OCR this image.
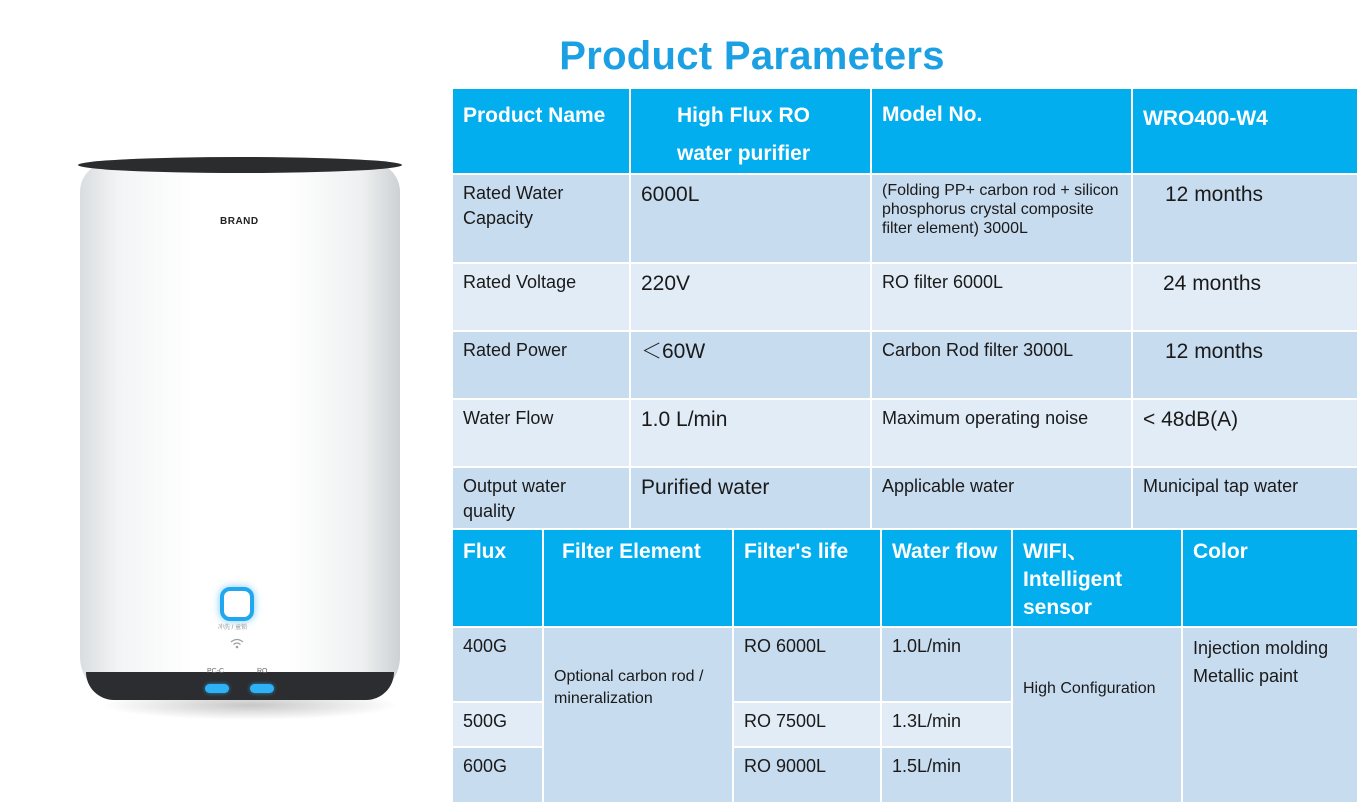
Product Parameters
BRAND
冲洗 / 童锁
PC-C	RO
Product Name	High Flux RO water purifier	Model No.	WRO400-W4
Rated Water Capacity	6000L	(Folding PP+ carbon rod + silicon phosphorus crystal composite filter element) 3000L	12 months
Rated Voltage	220V	RO filter 6000L	24 months
Rated Power	＜60W	Carbon Rod filter 3000L	12 months
Water Flow	1.0 L/min	Maximum operating noise	< 48dB(A)
Output water quality	Purified water	Applicable water	Municipal tap water
Flux	Filter Element	Filter's life	Water flow	WIFI、Intelligent sensor	Color
400G	Optional carbon rod / mineralization	RO 6000L	1.0L/min	High Configuration	Injection molding Metallic paint
500G		RO 7500L	1.3L/min		
600G		RO 9000L	1.5L/min		
